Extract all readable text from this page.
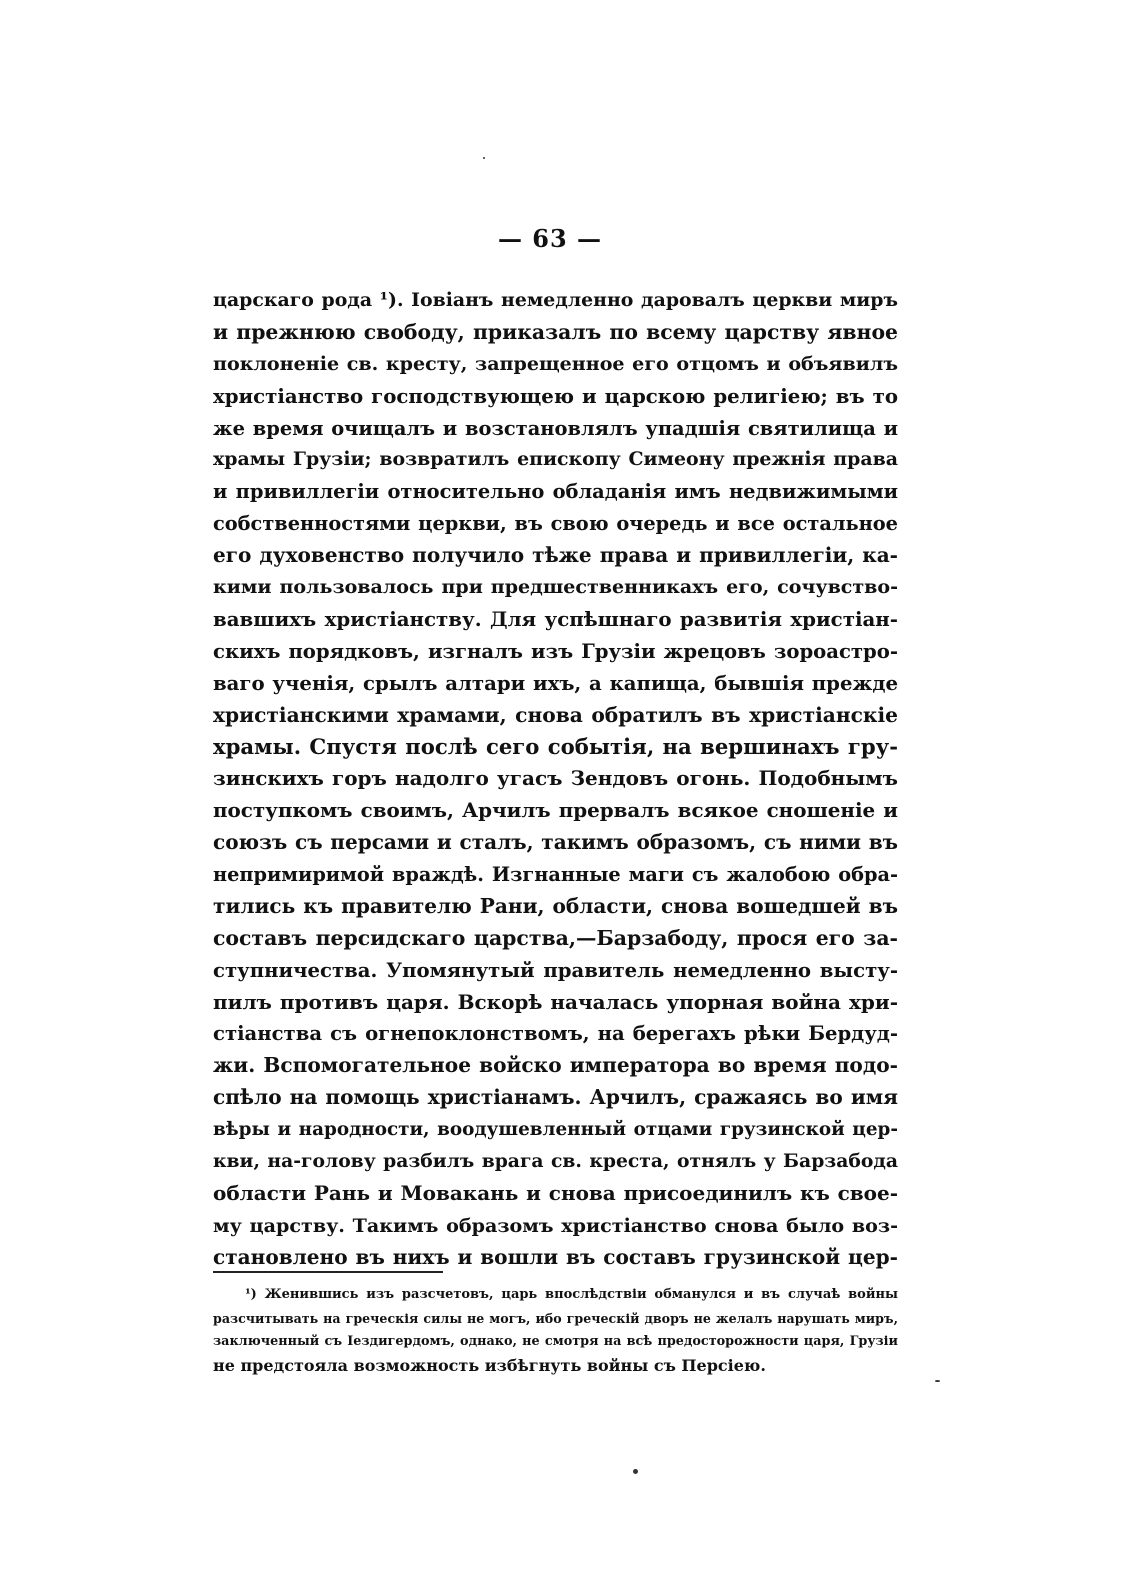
— 63 —
царскаго рода ¹). Іовіанъ немедленно даровалъ церкви миръ
и прежнюю свободу, приказалъ по всему царству явное
поклоненіе св. кресту, запрещенное его отцомъ и объявилъ
христіанство господствующею и царскою религіею; въ то
же время очищалъ и возстановлялъ упадшія святилища и
храмы Грузіи; возвратилъ епископу Симеону прежнія права
и привиллегіи относительно обладанія имъ недвижимыми
собственностями церкви, въ свою очередь и все остальное
его духовенство получило тѣже права и привиллегіи, ка-
кими пользовалось при предшественникахъ его, сочувство-
вавшихъ христіанству. Для успѣшнаго развитія христіан-
скихъ порядковъ, изгналъ изъ Грузіи жрецовъ зороастро-
ваго ученія, срылъ алтари ихъ, а капища, бывшія прежде
христіанскими храмами, снова обратилъ въ христіанскіе
храмы. Спустя послѣ сего событія, на вершинахъ гру-
зинскихъ горъ надолго угасъ Зендовъ огонь. Подобнымъ
поступкомъ своимъ, Арчилъ прервалъ всякое сношеніе и
союзъ съ персами и сталъ, такимъ образомъ, съ ними въ
непримиримой враждѣ. Изгнанные маги съ жалобою обра-
тились къ правителю Рани, области, снова вошедшей въ
составъ персидскаго царства,—Барзабоду, прося его за-
ступничества. Упомянутый правитель немедленно высту-
пилъ противъ царя. Вскорѣ началась упорная война хри-
стіанства съ огнепоклонствомъ, на берегахъ рѣки Бердуд-
жи. Вспомогательное войско императора во время подо-
спѣло на помощь христіанамъ. Арчилъ, сражаясь во имя
вѣры и народности, воодушевленный отцами грузинской цер-
кви, на-голову разбилъ врага св. креста, отнялъ у Барзабода
области Рань и Мовакань и снова присоединилъ къ свое-
му царству. Такимъ образомъ христіанство снова было воз-
становлено въ нихъ и вошли въ составъ грузинской цер-
¹) Женившись изъ разсчетовъ, царь впослѣдствіи обманулся и въ случаѣ войны
разсчитывать на греческія силы не могъ, ибо греческій дворъ не желалъ нарушать миръ,
заключенный съ Іездигердомъ, однако, не смотря на всѣ предосторожности царя, Грузіи
не предстояла возможность избѣгнуть войны съ Персіею.
